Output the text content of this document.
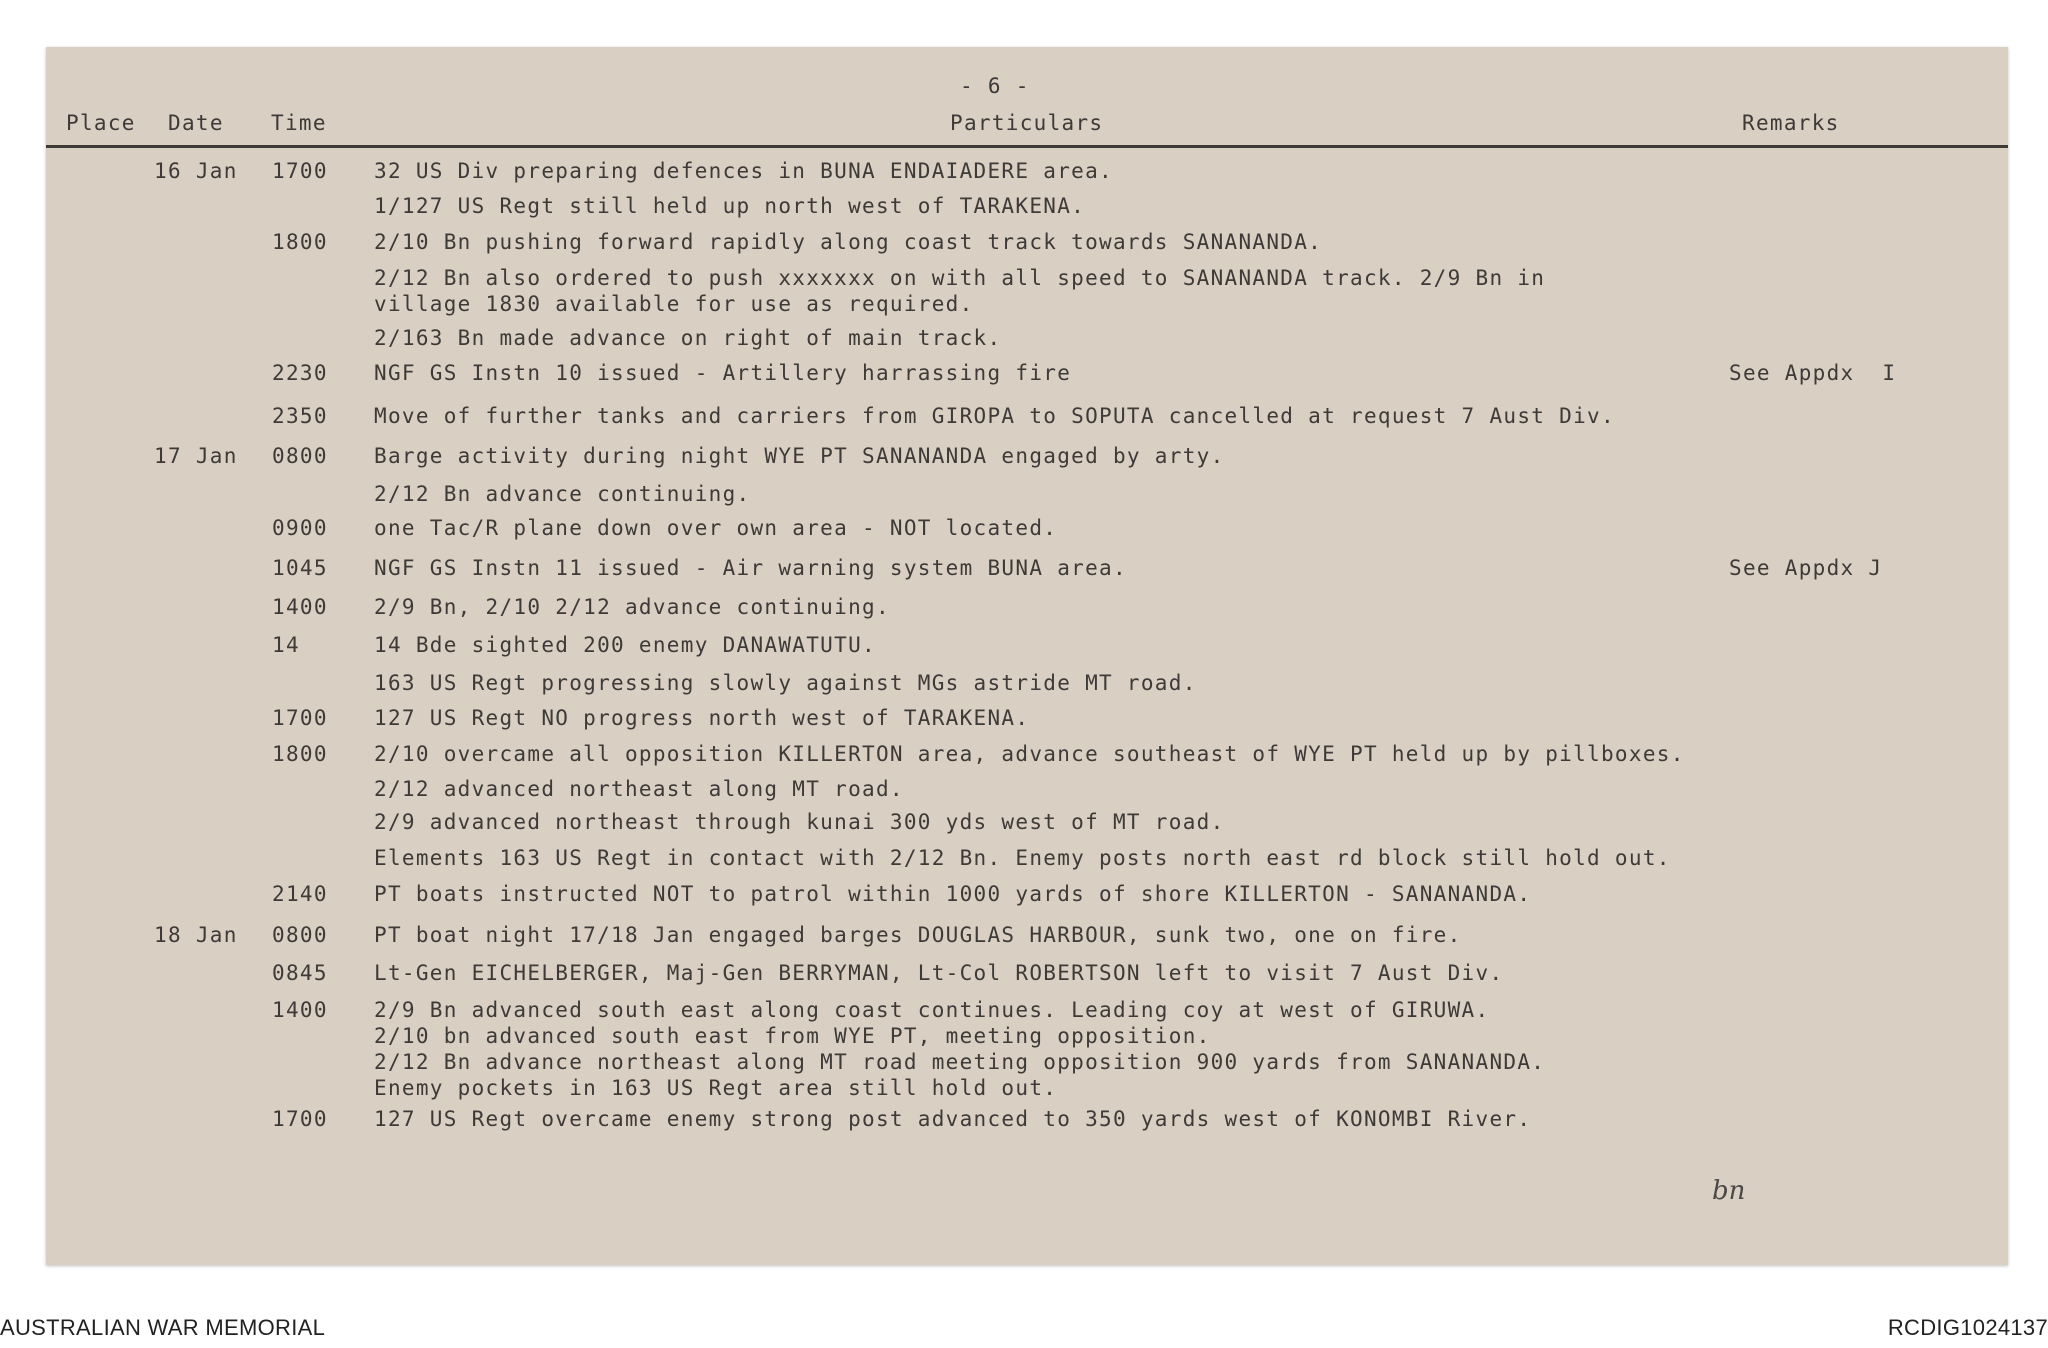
- 6 -
Place Date Time	Particulars	Remarks
16 Jan 1700 32 US Div preparing defences in BUNA ENDAIADERE area.
1/127 US Regt still held up north west of TARAKENA.
1800 2/10 Bn pushing forward rapidly along coast track towards SANANANDA.
2/12 Bn also ordered to push xxxxxxx on with all speed to SANANANDA track. 2/9 Bn in
village 1830 available for use as required.
2/163 Bn made advance on right of main track.
2230 NGF GS Instn 10 issued - Artillery harrassing fire	See Appdx  I
2350 Move of further tanks and carriers from GIROPA to SOPUTA cancelled at request 7 Aust Div.
17 Jan 0800 Barge activity during night WYE PT SANANANDA engaged by arty.
2/12 Bn advance continuing.
0900 one Tac/R plane down over own area - NOT located.
1045 NGF GS Instn 11 issued - Air warning system BUNA area.	See Appdx J
1400 2/9 Bn, 2/10 2/12 advance continuing.
14	14 Bde sighted 200 enemy DANAWATUTU.
163 US Regt progressing slowly against MGs astride MT road.
1700 127 US Regt NO progress north west of TARAKENA.
1800 2/10 overcame all opposition KILLERTON area, advance southeast of WYE PT held up by pillboxes.
2/12 advanced northeast along MT road.
2/9 advanced northeast through kunai 300 yds west of MT road.
Elements 163 US Regt in contact with 2/12 Bn. Enemy posts north east rd block still hold out.
2140 PT boats instructed NOT to patrol within 1000 yards of shore KILLERTON - SANANANDA.
18 Jan 0800 PT boat night 17/18 Jan engaged barges DOUGLAS HARBOUR, sunk two, one on fire.
0845 Lt-Gen EICHELBERGER, Maj-Gen BERRYMAN, Lt-Col ROBERTSON left to visit 7 Aust Div.
1400 2/9 Bn advanced south east along coast continues. Leading coy at west of GIRUWA.
2/10 bn advanced south east from WYE PT, meeting opposition.
2/12 Bn advance northeast along MT road meeting opposition 900 yards from SANANANDA.
Enemy pockets in 163 US Regt area still hold out.
1700 127 US Regt overcame enemy strong post advanced to 350 yards west of KONOMBI River.
bn
AUSTRALIAN WAR MEMORIAL	RCDIG1024137
